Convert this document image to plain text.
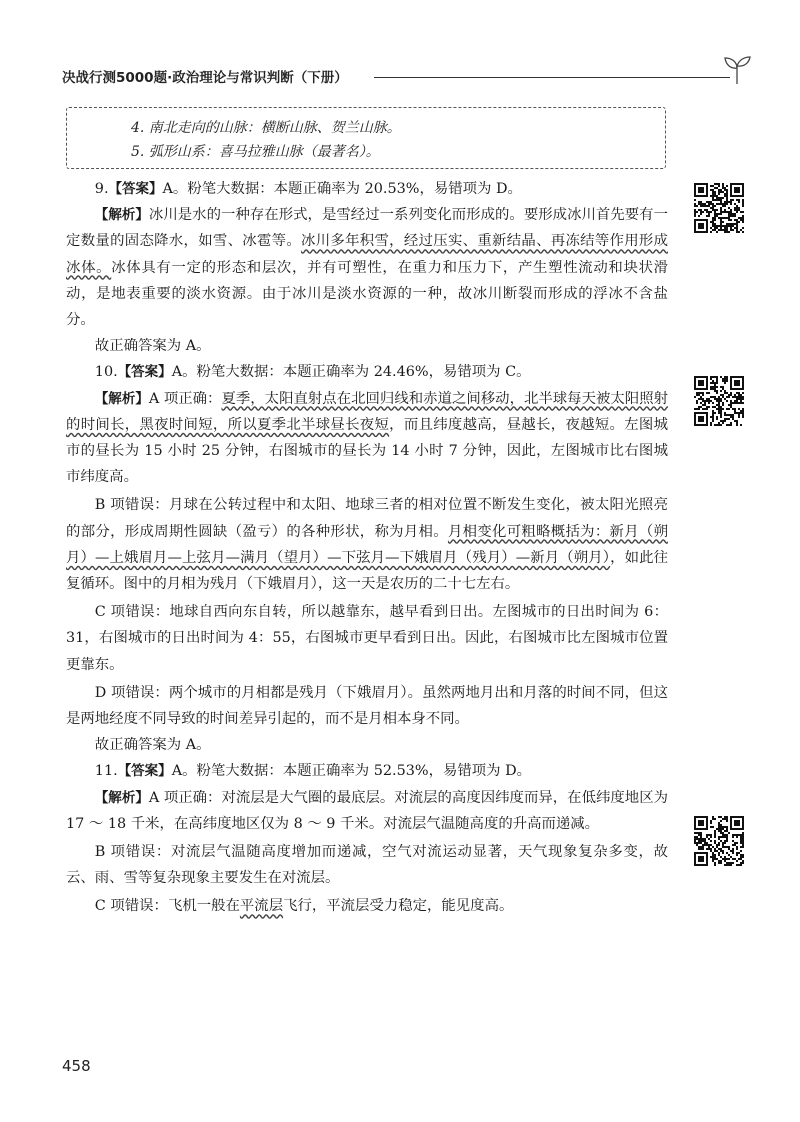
决战行测5000题·政治理论与常识判断（下册）
4. 南北走向的山脉：横断山脉、贺兰山脉。
5. 弧形山系：喜马拉雅山脉（最著名）。

9.【答案】A。粉笔大数据：本题正确率为 20.53%，易错项为 D。

【解析】冰川是水的一种存在形式，是雪经过一系列变化而形成的。要形成冰川首先要有一定数量的固态降水，如雪、冰雹等。冰川多年积雪，经过压实、重新结晶、再冻结等作用形成冰体。冰体具有一定的形态和层次，并有可塑性，在重力和压力下，产生塑性流动和块状滑动，是地表重要的淡水资源。由于冰川是淡水资源的一种，故冰川断裂而形成的浮冰不含盐分。

故正确答案为 A。

10.【答案】A。粉笔大数据：本题正确率为 24.46%，易错项为 C。

【解析】A 项正确：夏季，太阳直射点在北回归线和赤道之间移动，北半球每天被太阳照射的时间长，黑夜时间短，所以夏季北半球昼长夜短，而且纬度越高，昼越长，夜越短。左图城市的昼长为 15 小时 25 分钟，右图城市的昼长为 14 小时 7 分钟，因此，左图城市比右图城市纬度高。

B 项错误：月球在公转过程中和太阳、地球三者的相对位置不断发生变化，被太阳光照亮的部分，形成周期性圆缺（盈亏）的各种形状，称为月相。月相变化可粗略概括为：新月（朔月）—上娥眉月—上弦月—满月（望月）—下弦月—下娥眉月（残月）—新月（朔月），如此往复循环。图中的月相为残月（下娥眉月），这一天是农历的二十七左右。

C 项错误：地球自西向东自转，所以越靠东，越早看到日出。左图城市的日出时间为 6：31，右图城市的日出时间为 4：55，右图城市更早看到日出。因此，右图城市比左图城市位置更靠东。

D 项错误：两个城市的月相都是残月（下娥眉月）。虽然两地月出和月落的时间不同，但这是两地经度不同导致的时间差异引起的，而不是月相本身不同。

故正确答案为 A。

11.【答案】A。粉笔大数据：本题正确率为 52.53%，易错项为 D。

【解析】A 项正确：对流层是大气圈的最底层。对流层的高度因纬度而异，在低纬度地区为 17 ～ 18 千米，在高纬度地区仅为 8 ～ 9 千米。对流层气温随高度的升高而递减。

B 项错误：对流层气温随高度增加而递减，空气对流运动显著，天气现象复杂多变，故云、雨、雪等复杂现象主要发生在对流层。

C 项错误：飞机一般在平流层飞行，平流层受力稳定，能见度高。

458
